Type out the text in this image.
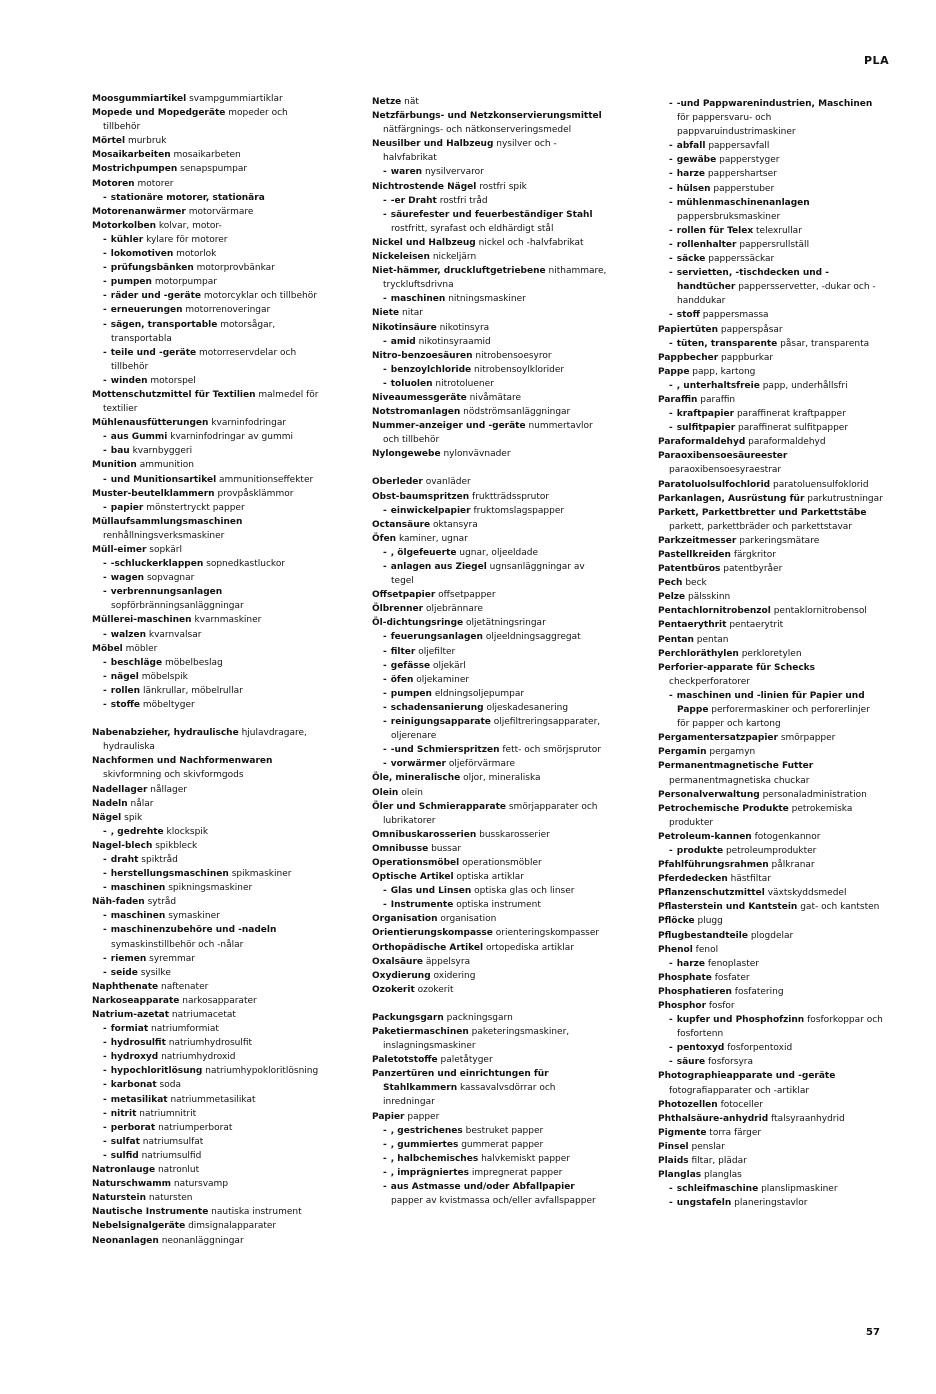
PLA
Moosgummiartikel svampgummiartiklar
Mopede und Mopedgeräte mopeder och tillbehör
Mörtel murbruk
Mosaikarbeiten mosaikarbeten
Mostrichpumpen senapspumpar
Motoren motorer
- stationäre motorer, stationära
Motorenanwärmer motorvärmare
Motorkolben kolvar, motor-
- kühler kylare för motorer
- lokomotiven motorlok
- prüfungsbänken motorprovbänkar
- pumpen motorpumpar
- räder und -geräte motorcyklar och tillbehör
- erneuerungen motorrenoveringar
- sägen, transportable motorsågar, transportabla
- teile und -geräte motorreservdelar och tillbehör
- winden motorspel
Mottenschutzmittel für Textilien malmedel för textilier
Mühlenausfütterungen kvarninfodringar
- aus Gummi kvarninfodringar av gummi
- bau kvarnbyggeri
Munition ammunition
- und Munitionsartikel ammunitionseffekter
Muster-beutelklammern provpåsklämmor
- papier mönstertryckt papper
Müllaufsammlungsmaschinen renhållningsverksmaskiner
Müll-eimer sopkärl
- -schluckerklappen sopnedkastluckor
- wagen sopvagnar
- verbrennungsanlagen sopförbränningsanläggningar
Müllerei-maschinen kvarnmaskiner
- walzen kvarnvalsar
Möbel möbler
- beschläge möbelbeslag
- nägel möbelspik
- rollen länkrullar, möbelrullar
- stoffe möbeltyger
Nabenabzieher, hydraulische hjulavdragare, hydrauliska
Nachformen und Nachformenwaren skivformning och skivformgods
Nadellager nållager
Nadeln nålar
Nägel spik
- , gedrehte klockspik
Nagel-blech spikbleck
- draht spiktråd
- herstellungsmaschinen spikmaskiner
- maschinen spikningsmaskiner
Näh-faden sytråd
- maschinen symaskiner
- maschinenzubehöre und -nadeln symaskinstillbehör och -nålar
- riemen syremmar
- seide sysilke
Naphthenate naftenater
Narkoseapparate narkosapparater
Natrium-azetat natriumacetat
- formiat natriumformiat
- hydrosulfit natriumhydrosulfit
- hydroxyd natriumhydroxid
- hypochloritlösung natriumhypokloritlösning
- karbonat soda
- metasilikat natriummetasilikat
- nitrit natriumnitrit
- perborat natriumperborat
- sulfat natriumsulfat
- sulfid natriumsulfid
Natronlauge natronlut
Naturschwamm natursvamp
Naturstein natursten
Nautische Instrumente nautiska instrument
Nebelsignalgeräte dimsignalapparater
Neonanlagen neonanläggningar
Netze nät
Netzfärbungs- und Netzkonservierungsmittel nätfärgnings- och nätkonserveringsmedel
Neusilber und Halbzeug nysilver och -halvfabrikat
- waren nysilvervaror
Nichtrostende Nägel rostfri spik
- -er Draht rostfri tråd
- säurefester und feuerbeständiger Stahl rostfritt, syrafast och eldhärdigt stål
Nickel und Halbzeug nickel och -halvfabrikat
Nickeleisen nickeljärn
Niet-hämmer, druckluftgetriebene nithammare, tryckluftsdrivna
- maschinen nitningsmaskiner
Niete nitar
Nikotinsäure nikotinsyra
- amid nikotinsyraamid
Nitro-benzoesäuren nitrobensoesyror
- benzoylchloride nitrobensoylklorider
- toluolen nitrotoluener
Niveaumessgeräte nivåmätare
Notstromanlagen nödströmsanläggningar
Nummer-anzeiger und -geräte nummertavlor och tillbehör
Nylongewebe nylonvävnader
Oberleder ovanläder
Obst-baumspritzen fruktträdssprutor
- einwickelpapier fruktomslagspapper
Octansäure oktansyra
Öfen kaminer, ugnar
- , ölgefeuerte ugnar, oljeeldade
- anlagen aus Ziegel ugnsanläggningar av tegel
Offsetpapier offsetpapper
Ölbrenner oljebrännare
Öl-dichtungsringe oljetätningsringar
- feuerungsanlagen oljeeldningsaggregat
- filter oljefilter
- gefässe oljekärl
- öfen oljekaminer
- pumpen eldningsoljepumpar
- schadensanierung oljeskadesanering
- reinigungsapparate oljefiltreringsapparater, oljerenare
- -und Schmierspritzen fett- och smörjsprutor
- vorwärmer oljeförvärmare
Öle, mineralische oljor, mineraliska
Olein olein
Öler und Schmierapparate smörjapparater och lubrikatorer
Omnibuskarosserien busskarosserier
Omnibusse bussar
Operationsmöbel operationsmöbler
Optische Artikel optiska artiklar
- Glas und Linsen optiska glas och linser
- Instrumente optiska instrument
Organisation organisation
Orientierungskompasse orienteringskompasser
Orthopädische Artikel ortopediska artiklar
Oxalsäure äppelsyra
Oxydierung oxidering
Ozokerit ozokerit
Packungsgarn packningsgarn
Paketiermaschinen paketeringsmaskiner, inslagningsmaskiner
Paletotstoffe paletåtyger
Panzertüren und einrichtungen für Stahlkammern kassavalvsdörrar och inredningar
Papier papper
- , gestrichenes bestruket papper
- , gummiertes gummerat papper
- , halbchemisches halvkemiskt papper
- , imprägniertes impregnerat papper
- aus Astmasse und/oder Abfallpapier papper av kvistmassa och/eller avfallspapper
- -und Pappwarenindustrien, Maschinen för pappersvaru- och pappvaruindustrimaskiner
- abfall pappersavfall
- gewäbe papperstyger
- harze pappershartser
- hülsen papperstuber
- mühlenmaschinenanlagen pappersbruksmaskiner
- rollen für Telex telexrullar
- rollenhalter pappersrullställ
- säcke papperssäckar
- servietten, -tischdecken und -handtücher pappersservetter, -dukar och -handdukar
- stoff pappersmassa
Papiertüten papperspåsar
- tüten, transparente påsar, transparenta
Pappbecher pappburkar
Pappe papp, kartong
- , unterhaltsfreie papp, underhållsfri
Paraffin paraffin
- kraftpapier paraffinerat kraftpapper
- sulfitpapier paraffinerat sulfitpapper
Paraformaldehyd paraformaldehyd
Paraoxibensoesäureester paraoxibensoesyraestrar
Paratoluolsulfochlorid paratoluensulfoklorid
Parkanlagen, Ausrüstung für parkutrustningar
Parkett, Parkettbretter und Parkettstäbe parkett, parkettbräder och parkettstavar
Parkzeitmesser parkeringsmätare
Pastellkreiden färgkritor
Patentbüros patentbyråer
Pech beck
Pelze pälsskinn
Pentachlornitrobenzol pentaklornitrobensol
Pentaerythrit pentaerytrit
Pentan pentan
Perchloräthylen perkloretylen
Perforier-apparate für Schecks checkperforatorer
- maschinen und -linien für Papier und Pappe perforermaskiner och perforerlinjer för papper och kartong
Pergamentersatzpapier smörpapper
Pergamin pergamyn
Permanentmagnetische Futter permanentmagnetiska chuckar
Personalverwaltung personaladministration
Petrochemische Produkte petrokemiska produkter
Petroleum-kannen fotogenkannor
- produkte petroleumprodukter
Pfahlführungsrahmen pålkranar
Pferdedecken hästfiltar
Pflanzenschutzmittel växtskyddsmedel
Pflasterstein und Kantstein gat- och kantsten
Pflöcke plugg
Pflugbestandteile plogdelar
Phenol fenol
- harze fenoplaster
Phosphate fosfater
Phosphatieren fosfatering
Phosphor fosfor
- kupfer und Phosphofzinn fosforkoppar och fosfortenn
- pentoxyd fosforpentoxid
- säure fosforsyra
Photographieapparate und -geräte fotografiapparater och -artiklar
Photozellen fotoceller
Phthalsäure-anhydrid ftalsyraanhydrid
Pigmente torra färger
Pinsel penslar
Plaids filtar, plädar
Planglas planglas
- schleifmaschine planslipmaskiner
- ungstafeln planeringstavlor
57
